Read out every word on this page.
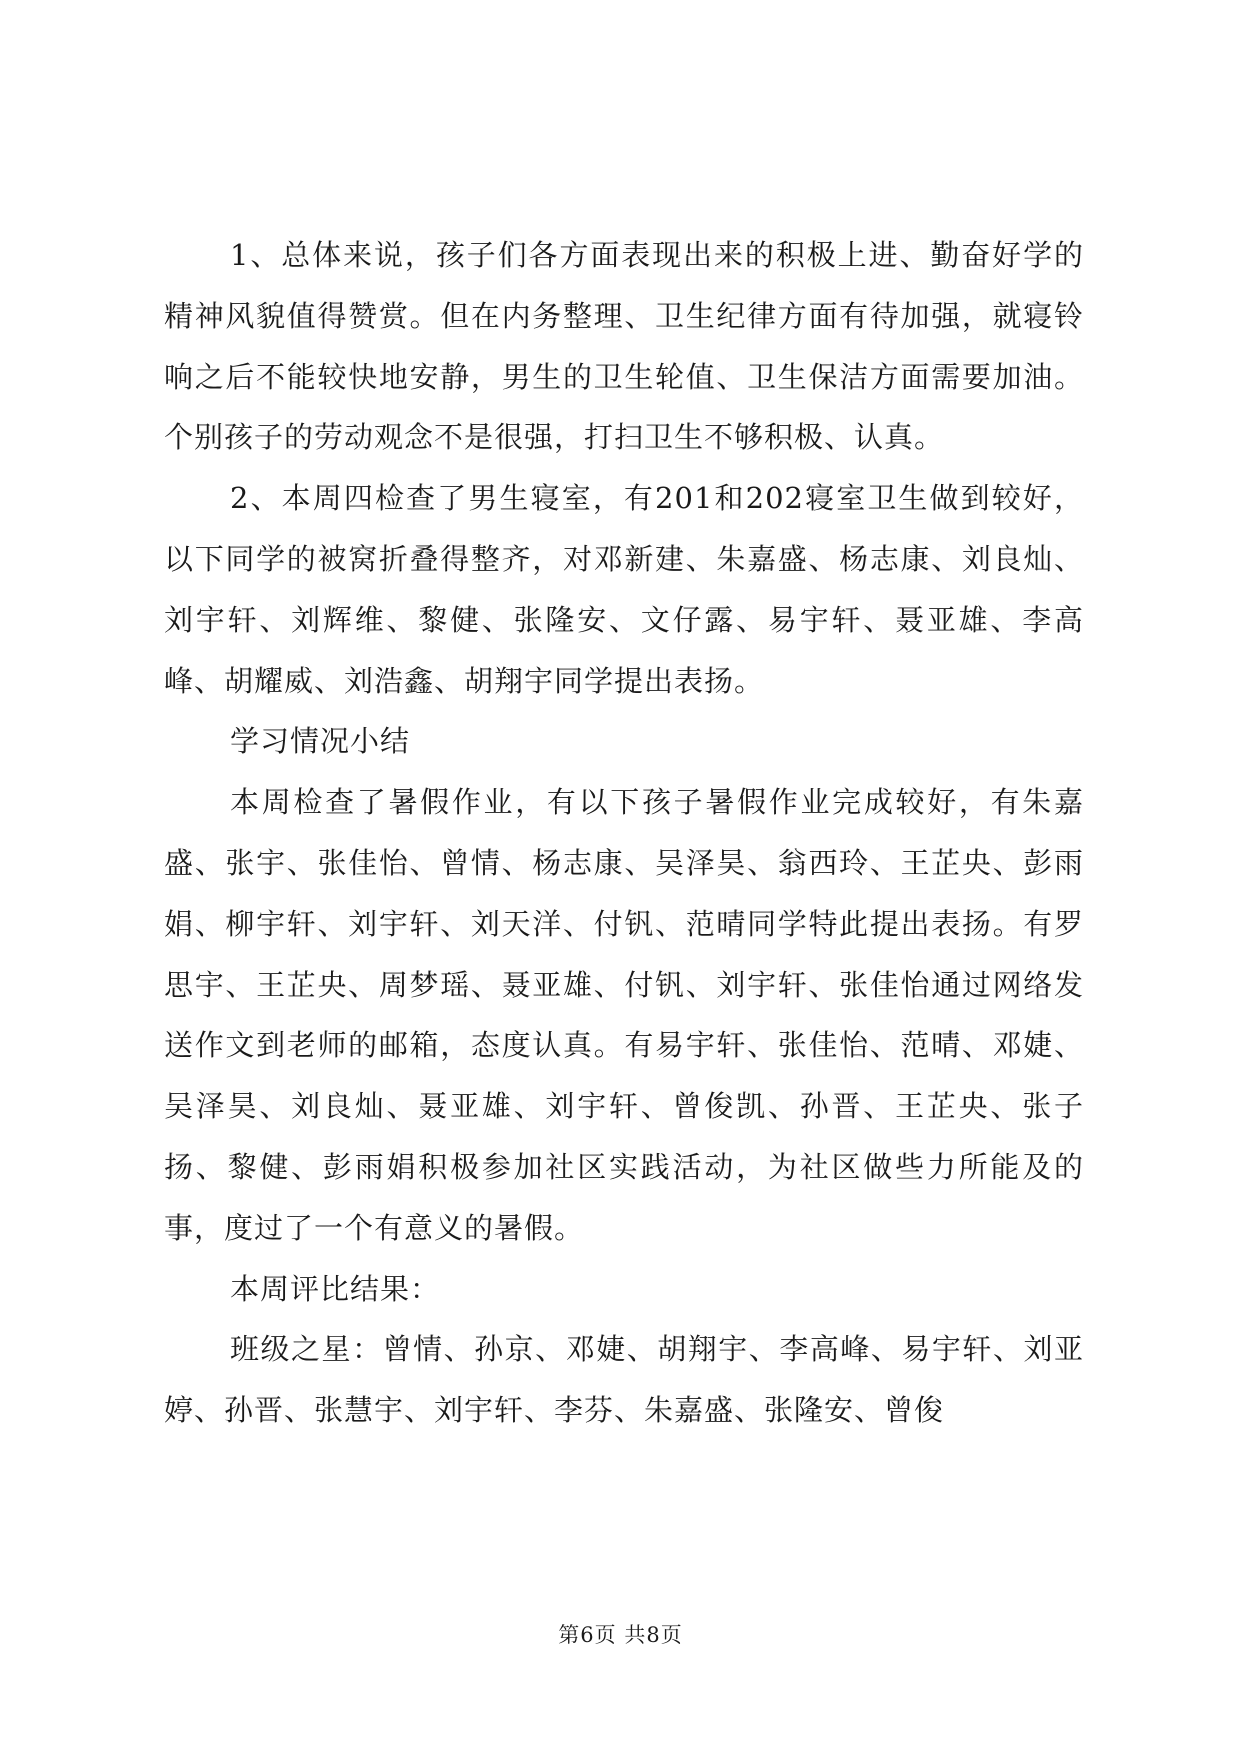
1、总体来说，孩子们各方面表现出来的积极上进、勤奋好学的精神风貌值得赞赏。但在内务整理、卫生纪律方面有待加强，就寝铃响之后不能较快地安静，男生的卫生轮值、卫生保洁方面需要加油。个别孩子的劳动观念不是很强，打扫卫生不够积极、认真。

2、本周四检查了男生寝室，有201和202寝室卫生做到较好，以下同学的被窝折叠得整齐，对邓新建、朱嘉盛、杨志康、刘良灿、刘宇轩、刘辉维、黎健、张隆安、文仔露、易宇轩、聂亚雄、李高峰、胡耀威、刘浩鑫、胡翔宇同学提出表扬。

学习情况小结

本周检查了暑假作业，有以下孩子暑假作业完成较好，有朱嘉盛、张宇、张佳怡、曾情、杨志康、吴泽昊、翁西玲、王芷央、彭雨娟、柳宇轩、刘宇轩、刘天洋、付钒、范晴同学特此提出表扬。有罗思宇、王芷央、周梦瑶、聂亚雄、付钒、刘宇轩、张佳怡通过网络发送作文到老师的邮箱，态度认真。有易宇轩、张佳怡、范晴、邓婕、吴泽昊、刘良灿、聂亚雄、刘宇轩、曾俊凯、孙晋、王芷央、张子扬、黎健、彭雨娟积极参加社区实践活动，为社区做些力所能及的事，度过了一个有意义的暑假。

本周评比结果：

班级之星：曾情、孙京、邓婕、胡翔宇、李高峰、易宇轩、刘亚婷、孙晋、张慧宇、刘宇轩、李芬、朱嘉盛、张隆安、曾俊

第6页 共8页
